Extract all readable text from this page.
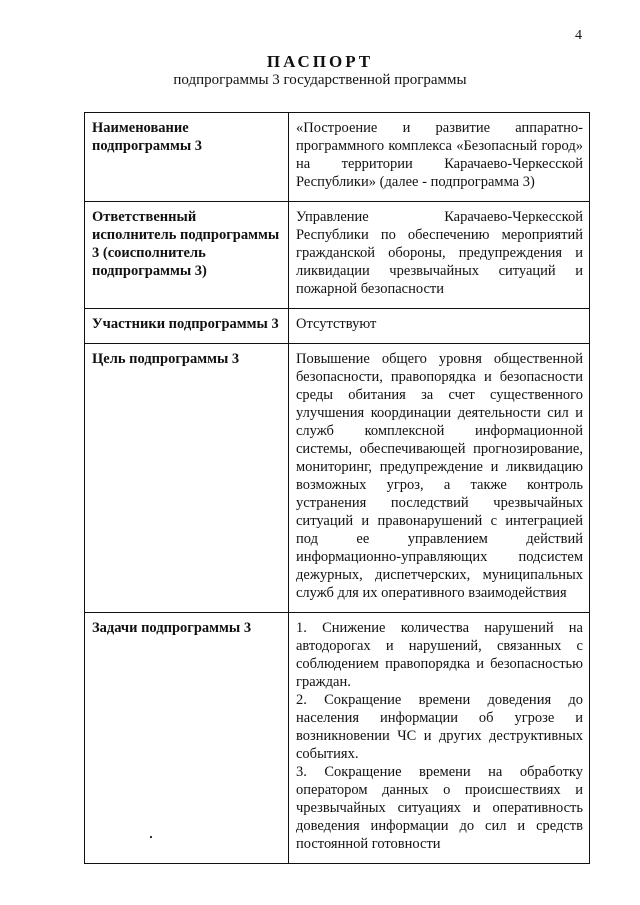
4
ПАСПОРТ
подпрограммы 3 государственной программы
Наименование подпрограммы 3	«Построение и развитие аппаратно-программного комплекса «Безопасный город» на территории Карачаево-Черкесской Республики» (далее - подпрограмма 3)
Ответственный исполнитель подпрограммы 3 (соисполнитель подпрограммы 3)	Управление Карачаево-Черкесской Республики по обеспечению мероприятий гражданской обороны, предупреждения и ликвидации чрезвычайных ситуаций и пожарной безопасности
Участники подпрограммы 3	Отсутствуют
Цель подпрограммы 3	Повышение общего уровня общественной безопасности, правопорядка и безопасности среды обитания за счет существенного улучшения координации деятельности сил и служб комплексной информационной системы, обеспечивающей прогнозирование, мониторинг, предупреждение и ликвидацию возможных угроз, а также контроль устранения последствий чрезвычайных ситуаций и правонарушений с интеграцией под ее управлением действий информационно-управляющих подсистем дежурных, диспетчерских, муниципальных служб для их оперативного взаимодействия
Задачи подпрограммы 3	1. Снижение количества нарушений на автодорогах и нарушений, связанных с соблюдением правопорядка и безопасностью граждан.
2. Сокращение времени доведения до населения информации об угрозе и возникновении ЧС и других деструктивных событиях.
3. Сокращение времени на обработку оператором данных о происшествиях и чрезвычайных ситуациях и оперативность доведения информации до сил и средств постоянной готовности
